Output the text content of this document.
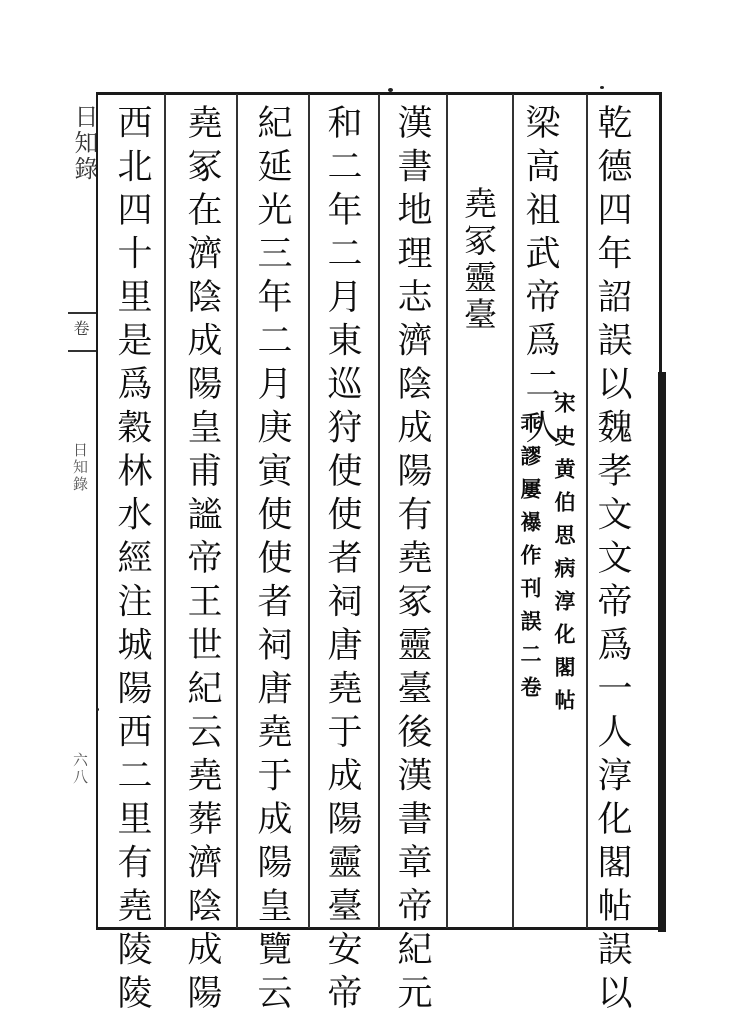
日知錄
卷
日知錄
六八	乾德四年詔誤以魏孝文文帝爲一人淳化閣帖誤以
梁高祖武帝爲二人
宋史黄伯思病淳化閣帖
乖謬屢襮作刊誤二卷
堯冢靈臺
漢書地理志濟陰成陽有堯冢靈臺後漢書章帝紀元
和二年二月東巡狩使使者祠唐堯于成陽靈臺安帝
紀延光三年二月庚寅使使者祠唐堯于成陽皇覽云
堯冢在濟陰成陽皇甫謐帝王世紀云堯葬濟陰成陽
西北四十里是爲穀林水經注城陽西二里有堯陵陵
